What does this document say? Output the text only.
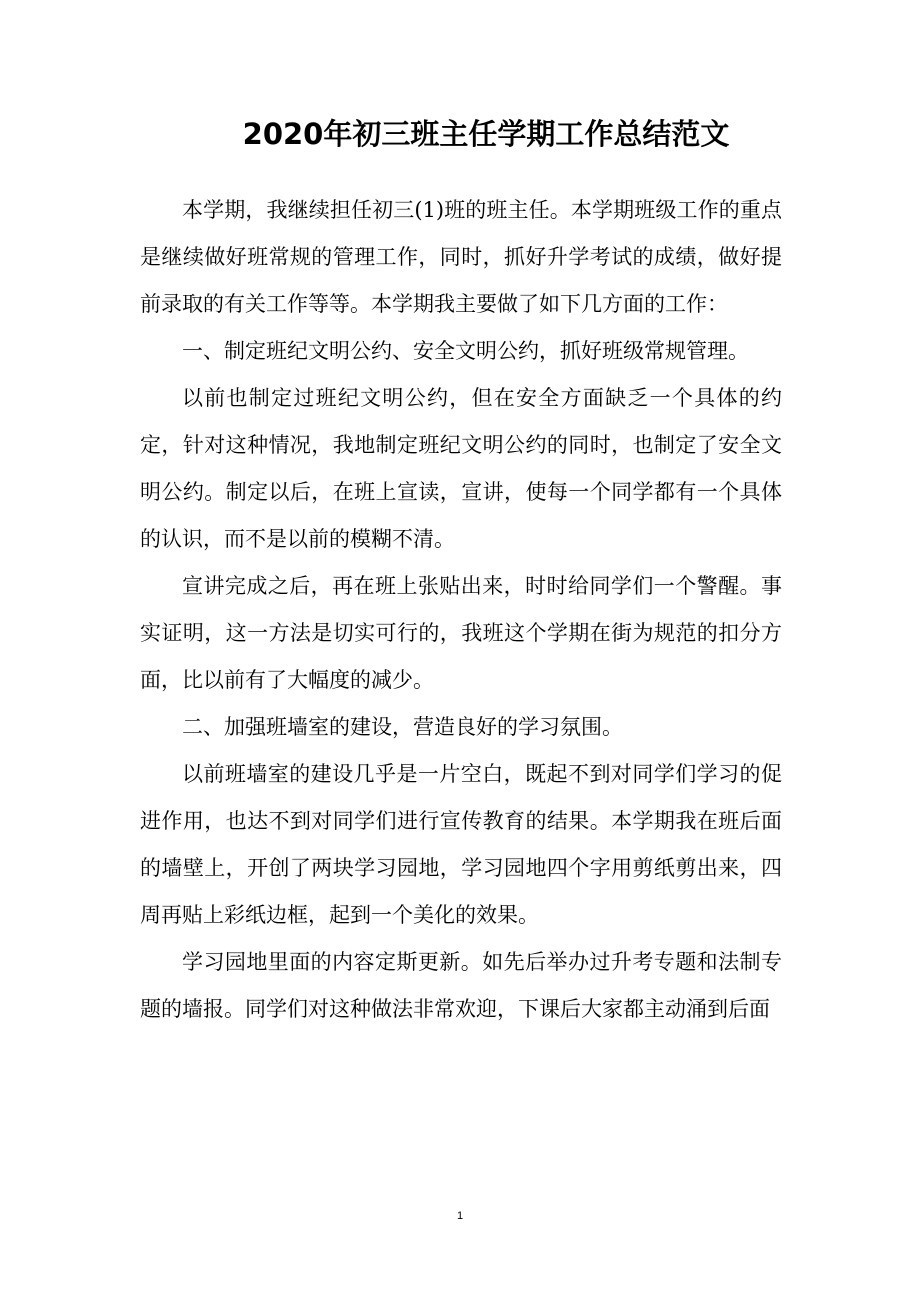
2020年初三班主任学期工作总结范文

本学期，我继续担任初三(1)班的班主任。本学期班级工作的重点是继续做好班常规的管理工作，同时，抓好升学考试的成绩，做好提前录取的有关工作等等。本学期我主要做了如下几方面的工作：

一、制定班纪文明公约、安全文明公约，抓好班级常规管理。

以前也制定过班纪文明公约，但在安全方面缺乏一个具体的约定，针对这种情况，我地制定班纪文明公约的同时，也制定了安全文明公约。制定以后，在班上宣读，宣讲，使每一个同学都有一个具体的认识，而不是以前的模糊不清。

宣讲完成之后，再在班上张贴出来，时时给同学们一个警醒。事实证明，这一方法是切实可行的，我班这个学期在街为规范的扣分方面，比以前有了大幅度的减少。

二、加强班墙室的建设，营造良好的学习氛围。

以前班墙室的建设几乎是一片空白，既起不到对同学们学习的促进作用，也达不到对同学们进行宣传教育的结果。本学期我在班后面的墙壁上，开创了两块学习园地，学习园地四个字用剪纸剪出来，四周再贴上彩纸边框，起到一个美化的效果。

学习园地里面的内容定斯更新。如先后举办过升考专题和法制专题的墙报。同学们对这种做法非常欢迎，下课后大家都主动涌到后面

1
